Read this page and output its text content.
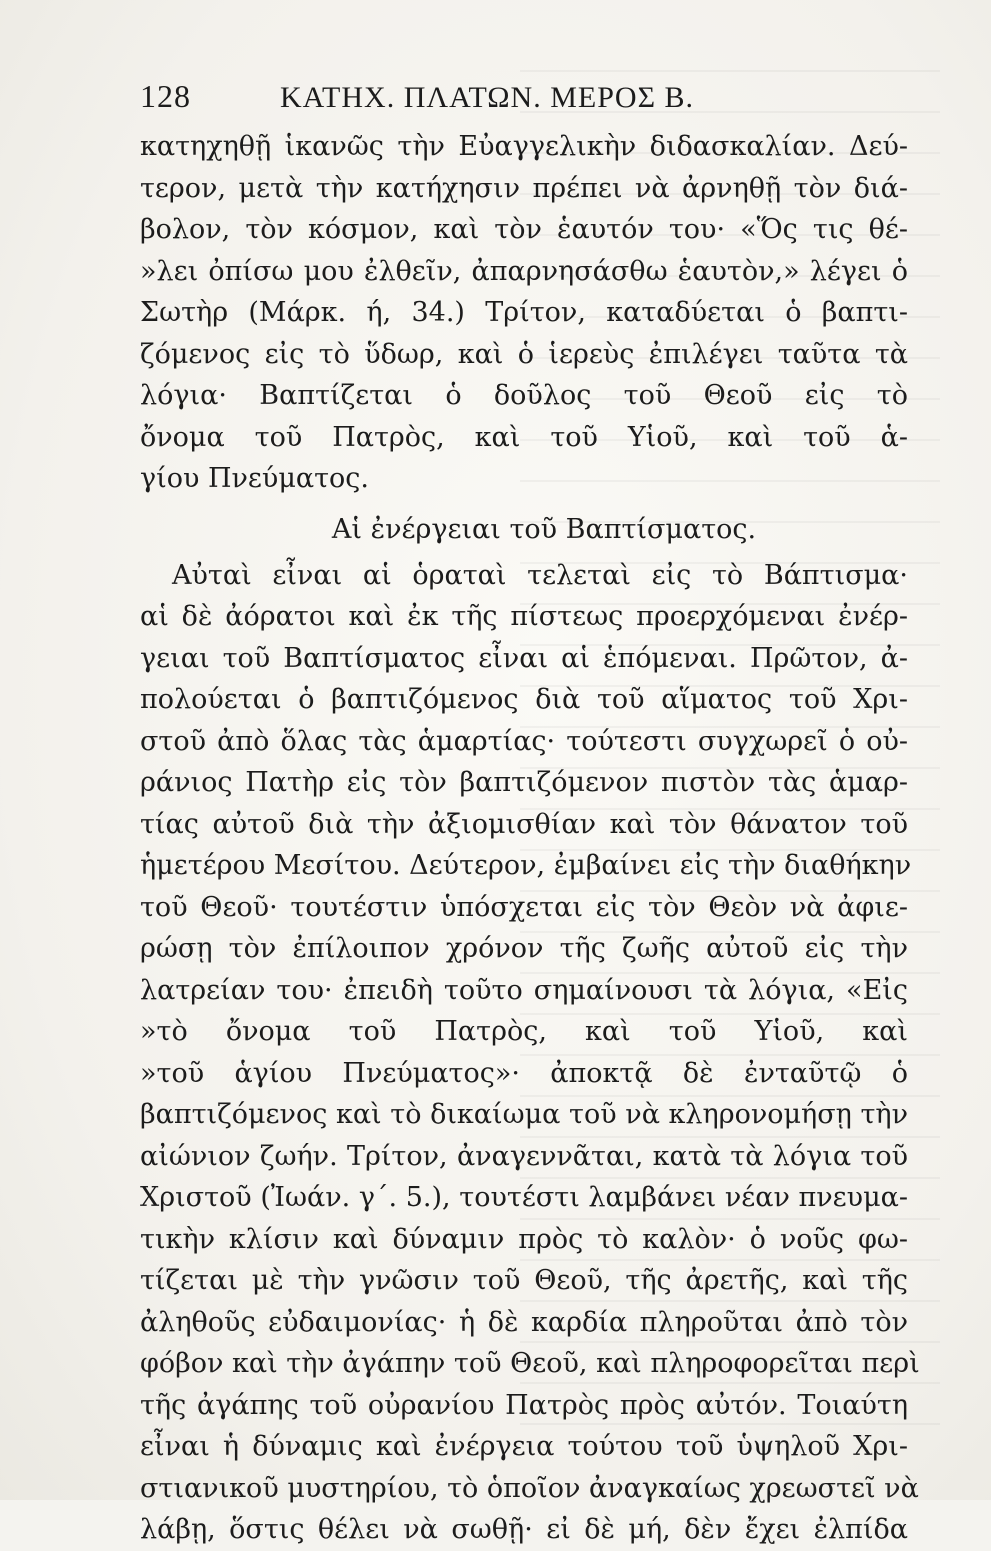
128	ΚΑΤΗΧ. ΠΛΑΤΩΝ. ΜΕΡΟΣ Β.
κατηχηθῇ ἱκανῶς τὴν Εὐαγγελικὴν διδασκαλίαν. Δεύ-
τερον, μετὰ τὴν κατήχησιν πρέπει νὰ ἀρνηθῇ τὸν διά-
βολον, τὸν κόσμον, καὶ τὸν ἑαυτόν του· «Ὅς τις θέ-
»λει ὀπίσω μου ἐλθεῖν, ἀπαρνησάσθω ἑαυτὸν,» λέγει ὁ
Σωτὴρ (Μάρκ. ή, 34.) Τρίτον, καταδύεται ὁ βαπτι-
ζόμενος εἰς τὸ ὕδωρ, καὶ ὁ ἱερεὺς ἐπιλέγει ταῦτα τὰ
λόγια· Βαπτίζεται ὁ δοῦλος τοῦ Θεοῦ εἰς τὸ
ὄνομα τοῦ Πατρὸς, καὶ τοῦ Υἱοῦ, καὶ τοῦ ἁ-
γίου Πνεύματος.
Αἱ ἐνέργειαι τοῦ Βαπτίσματος.
Αὐταὶ εἶναι αἱ ὁραταὶ τελεταὶ εἰς τὸ Βάπτισμα·
αἱ δὲ ἀόρατοι καὶ ἐκ τῆς πίστεως προερχόμεναι ἐνέρ-
γειαι τοῦ Βαπτίσματος εἶναι αἱ ἑπόμεναι. Πρῶτον, ἀ-
πολούεται ὁ βαπτιζόμενος διὰ τοῦ αἵματος τοῦ Χρι-
στοῦ ἀπὸ ὅλας τὰς ἁμαρτίας· τούτεστι συγχωρεῖ ὁ οὐ-
ράνιος Πατὴρ εἰς τὸν βαπτιζόμενον πιστὸν τὰς ἁμαρ-
τίας αὐτοῦ διὰ τὴν ἀξιομισθίαν καὶ τὸν θάνατον τοῦ
ἡμετέρου Μεσίτου. Δεύτερον, ἐμβαίνει εἰς τὴν διαθήκην
τοῦ Θεοῦ· τουτέστιν ὑπόσχεται εἰς τὸν Θεὸν νὰ ἀφιε-
ρώσῃ τὸν ἐπίλοιπον χρόνον τῆς ζωῆς αὐτοῦ εἰς τὴν
λατρείαν του· ἐπειδὴ τοῦτο σημαίνουσι τὰ λόγια, «Εἰς
»τὸ ὄνομα τοῦ Πατρὸς, καὶ τοῦ Υἱοῦ, καὶ
»τοῦ ἁγίου Πνεύματος»· ἀποκτᾷ δὲ ἐνταῦτῷ ὁ
βαπτιζόμενος καὶ τὸ δικαίωμα τοῦ νὰ κληρονομήσῃ τὴν
αἰώνιον ζωήν. Τρίτον, ἀναγεννᾶται, κατὰ τὰ λόγια τοῦ
Χριστοῦ (Ἰωάν. γ΄. 5.), τουτέστι λαμβάνει νέαν πνευμα-
τικὴν κλίσιν καὶ δύναμιν πρὸς τὸ καλὸν· ὁ νοῦς φω-
τίζεται μὲ τὴν γνῶσιν τοῦ Θεοῦ, τῆς ἀρετῆς, καὶ τῆς
ἀληθοῦς εὐδαιμονίας· ἡ δὲ καρδία πληροῦται ἀπὸ τὸν
φόβον καὶ τὴν ἀγάπην τοῦ Θεοῦ, καὶ πληροφορεῖται περὶ
τῆς ἀγάπης τοῦ οὐρανίου Πατρὸς πρὸς αὐτόν. Τοιαύτη
εἶναι ἡ δύναμις καὶ ἐνέργεια τούτου τοῦ ὑψηλοῦ Χρι-
στιανικοῦ μυστηρίου, τὸ ὁποῖον ἀναγκαίως χρεωστεῖ νὰ
λάβῃ, ὅστις θέλει νὰ σωθῇ· εἰ δὲ μή, δὲν ἔχει ἐλπίδα
